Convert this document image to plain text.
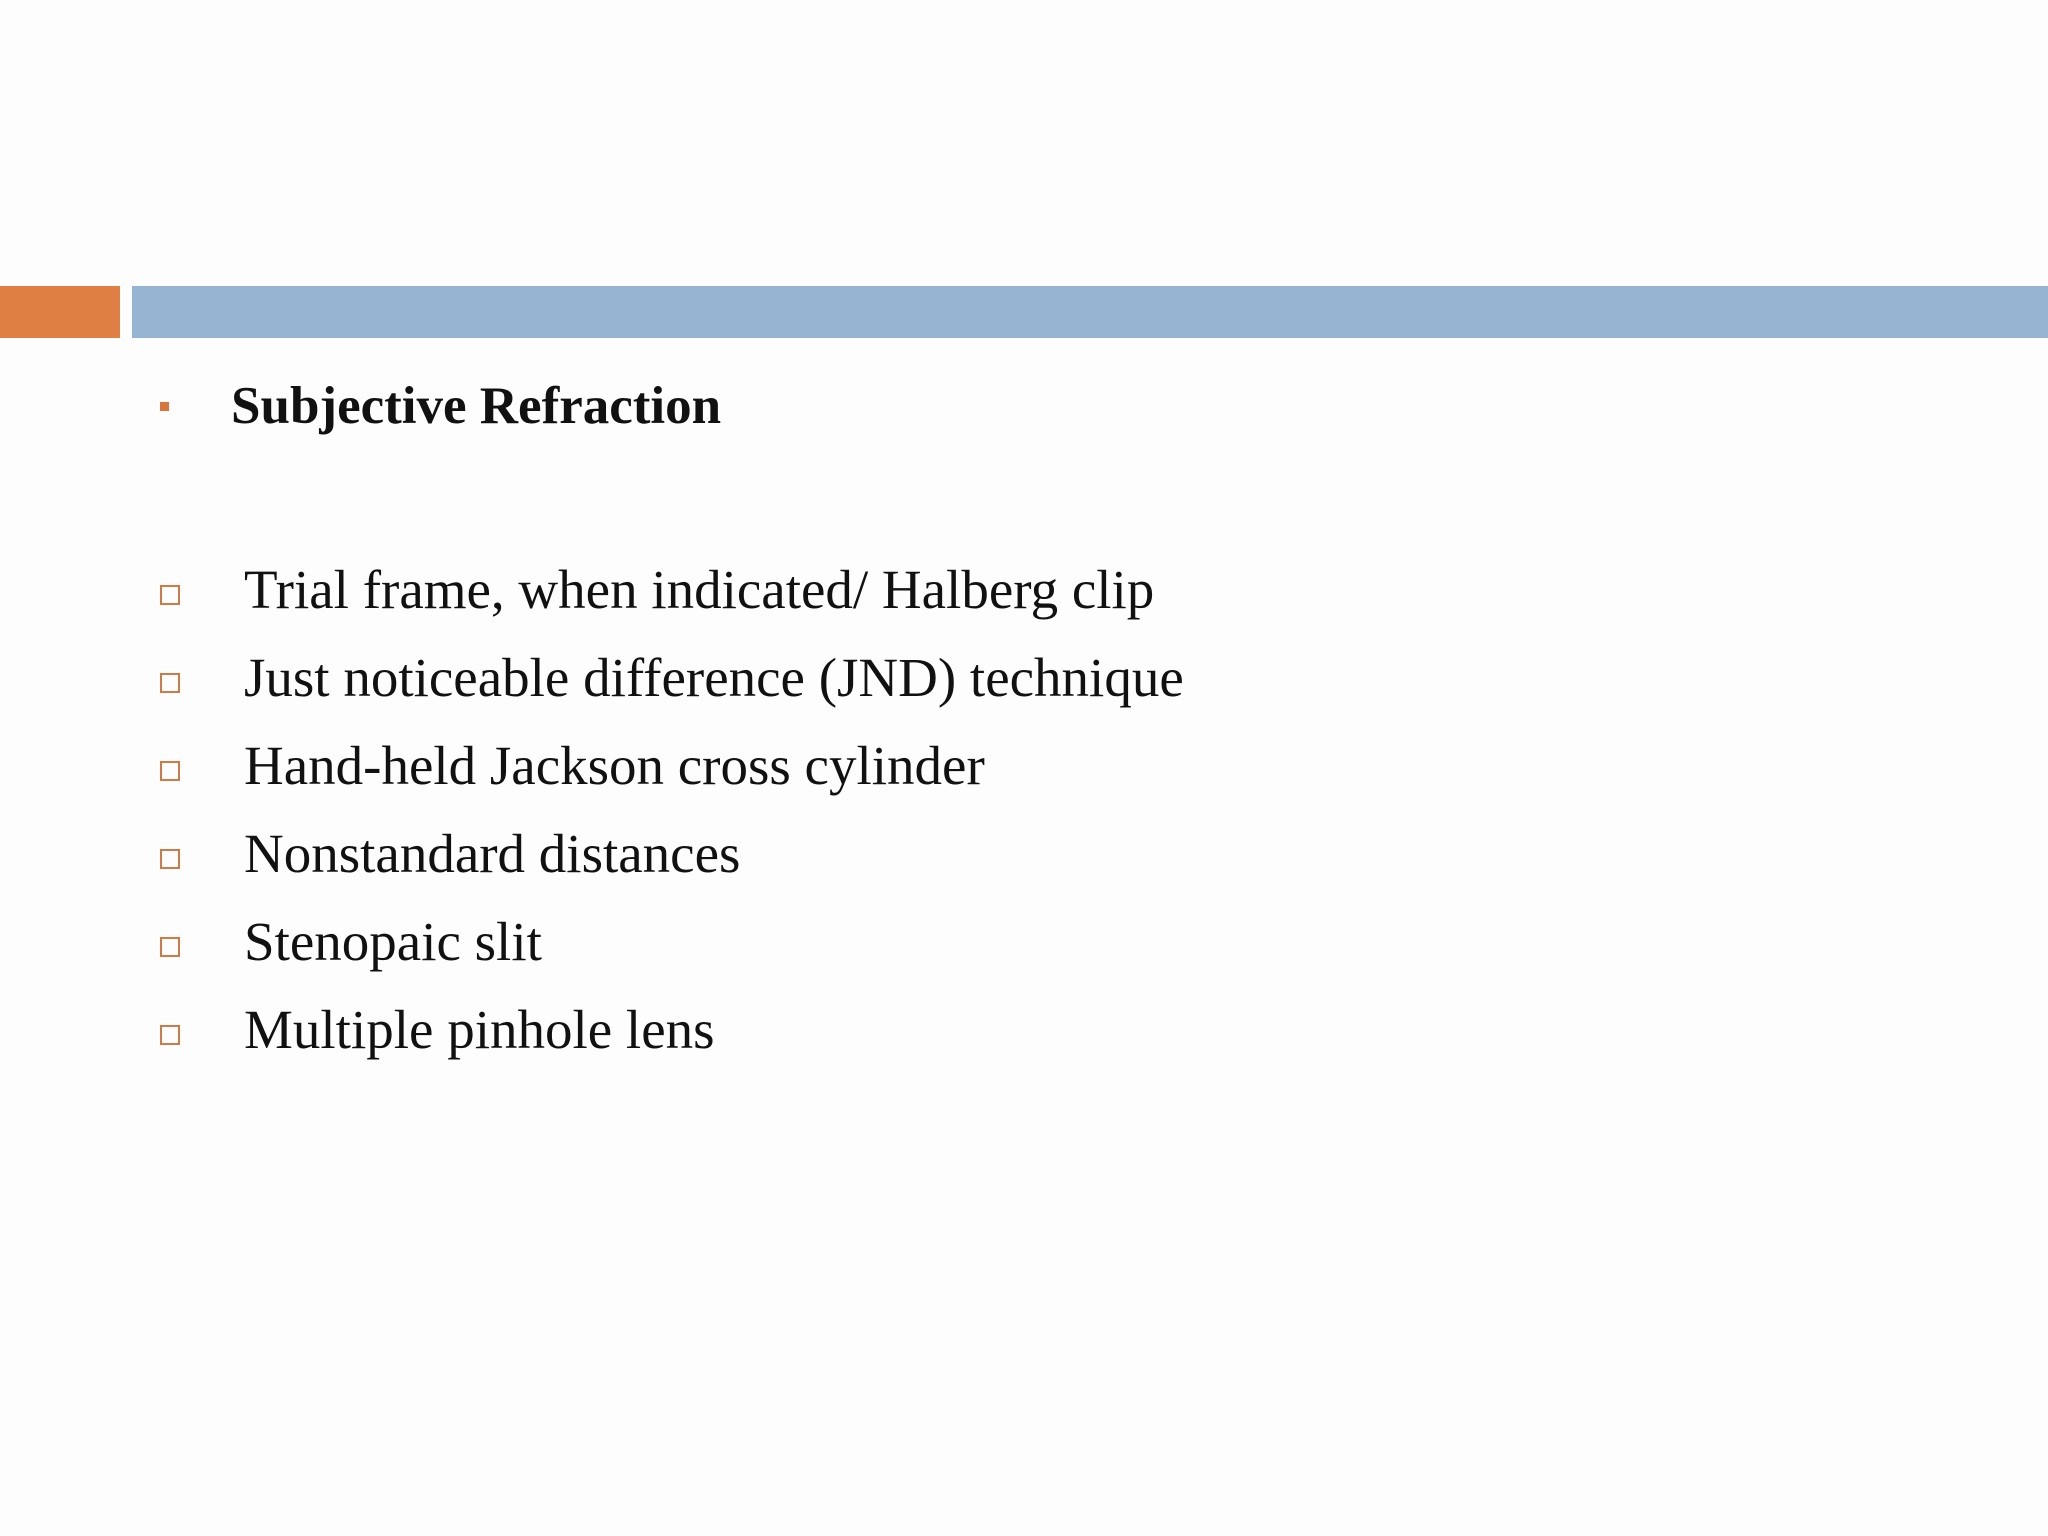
Subjective Refraction
Trial frame, when indicated/ Halberg clip
Just noticeable difference (JND) technique
Hand-held Jackson cross cylinder
Nonstandard distances
Stenopaic slit
Multiple pinhole lens
